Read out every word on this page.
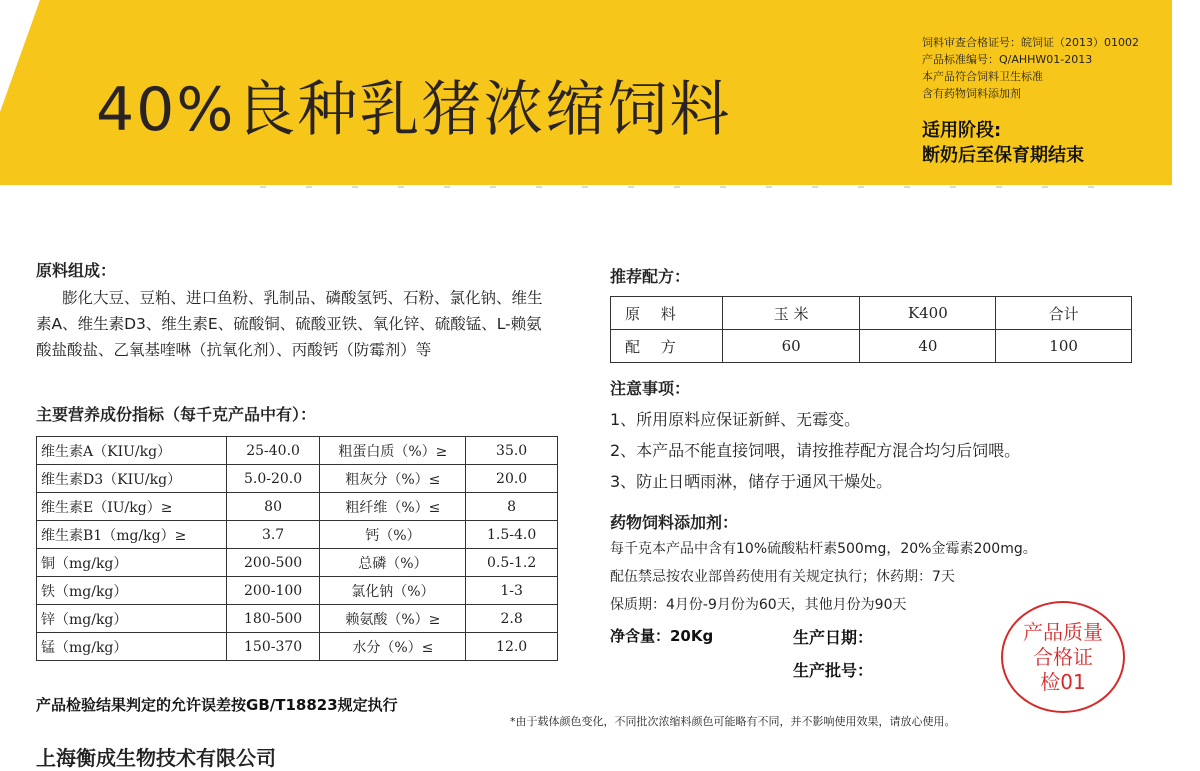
40%良种乳猪浓缩饲料
饲料审查合格证号：皖饲证（2013）01002
产品标准编号：Q/AHHW01-2013
本产品符合饲料卫生标准
含有药物饲料添加剂
适用阶段:
断奶后至保育期结束
原料组成：
膨化大豆、豆粕、进口鱼粉、乳制品、磷酸氢钙、石粉、氯化钠、维生素A、维生素D3、维生素E、硫酸铜、硫酸亚铁、氧化锌、硫酸锰、L-赖氨酸盐酸盐、乙氧基喹啉（抗氧化剂）、丙酸钙（防霉剂）等
主要营养成份指标（每千克产品中有）：
维生素A（KIU/kg）	25-40.0	粗蛋白质（%）≥	35.0
维生素D3（KIU/kg）	5.0-20.0	粗灰分（%）≤	20.0
维生素E（IU/kg）≥	80	粗纤维（%）≤	8
维生素B1（mg/kg）≥	3.7	钙（%）	1.5-4.0
铜（mg/kg）	200-500	总磷（%）	0.5-1.2
铁（mg/kg）	200-100	氯化钠（%）	1-3
锌（mg/kg）	180-500	赖氨酸（%）≥	2.8
锰（mg/kg）	150-370	水分（%）≤	12.0
推荐配方：
原 料	玉 米	K400	合计
配 方	60	40	100
注意事项：
1、所用原料应保证新鲜、无霉变。
2、本产品不能直接饲喂，请按推荐配方混合均匀后饲喂。
3、防止日晒雨淋，储存于通风干燥处。
药物饲料添加剂：
每千克本产品中含有10%硫酸粘杆素500mg，20%金霉素200mg。
配伍禁忌按农业部兽药使用有关规定执行；休药期：7天
保质期：4月份-9月份为60天，其他月份为90天
净含量：20Kg	生产日期：
生产批号：
产品质量
合格证
检01
产品检验结果判定的允许误差按GB/T18823规定执行
*由于载体颜色变化，不同批次浓缩料颜色可能略有不同，并不影响使用效果，请放心使用。
上海衡成生物技术有限公司
